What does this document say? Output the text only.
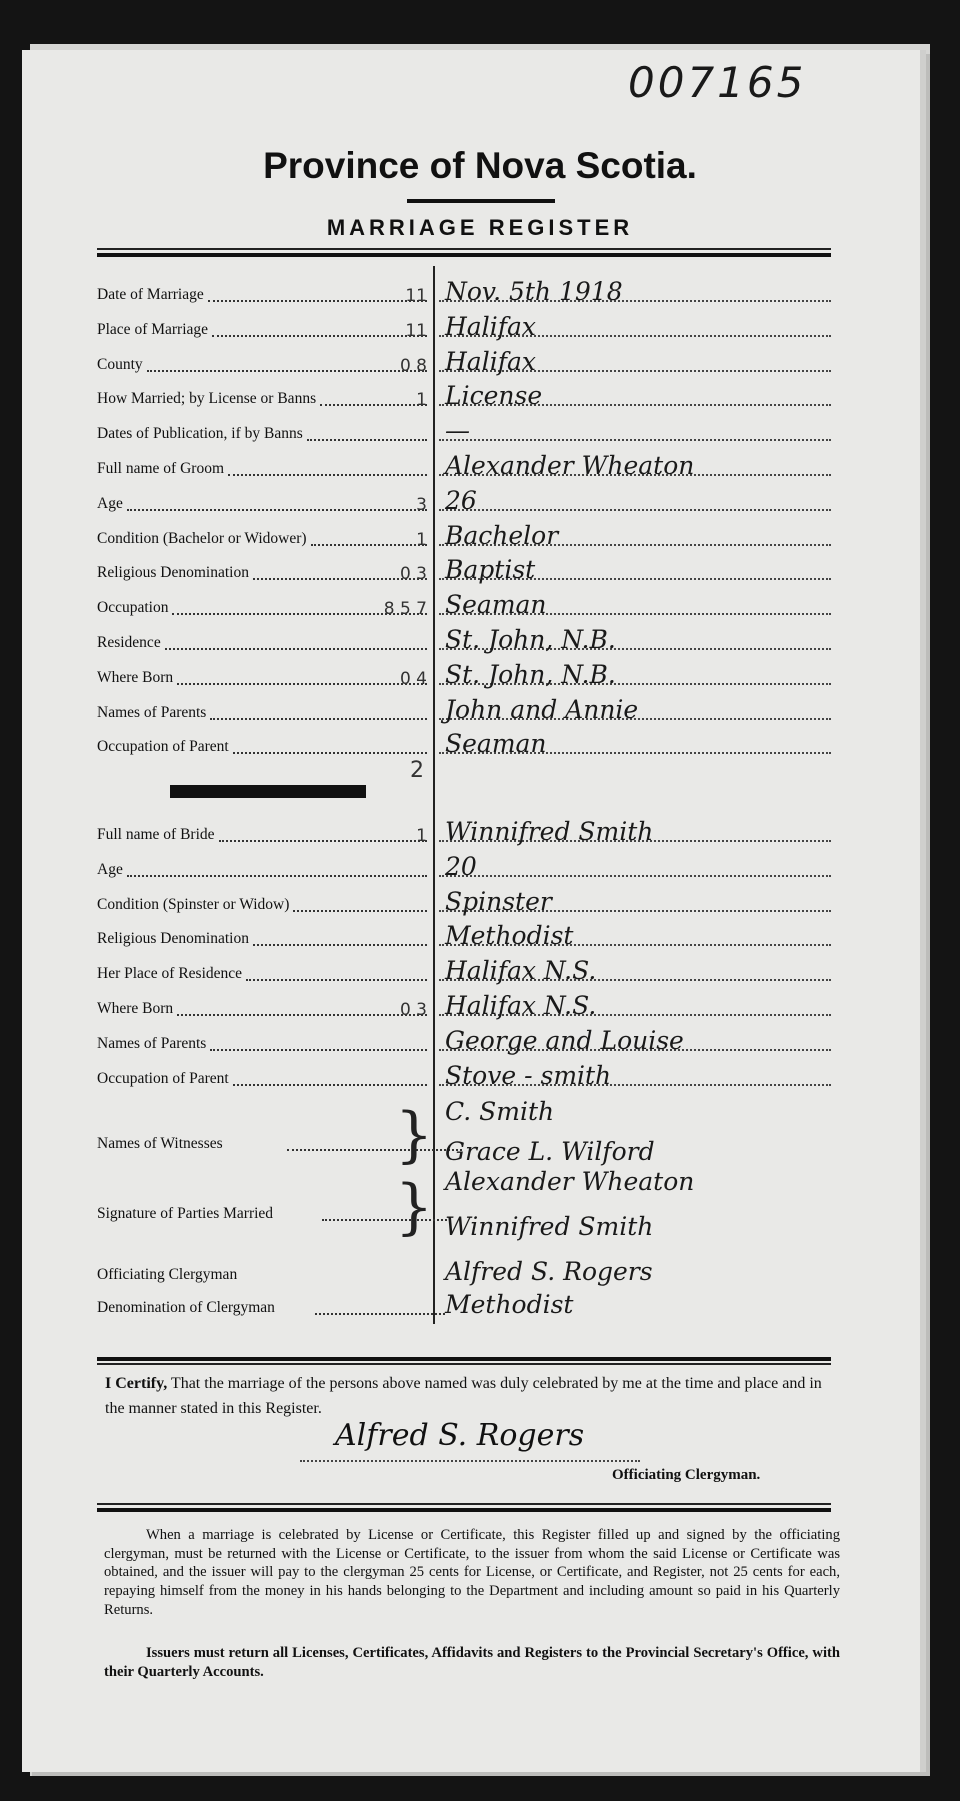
007165
Province of Nova Scotia.
MARRIAGE REGISTER
Date of Marriage	11 Nov. 5th 1918
Place of Marriage	11 Halifax
County	0 8 Halifax
How Married; by License or Banns	1 License
Dates of Publication, if by Banns	—
Full name of Groom	Alexander Wheaton
Age	3 26
Condition (Bachelor or Widower)	1 Bachelor
Religious Denomination	0 3 Baptist
Occupation	8 5 7 Seaman
Residence	St. John, N.B.
Where Born	0 4 St. John, N.B.
Names of Parents	John and Annie
Occupation of Parent	Seaman
2
Full name of Bride	1 Winnifred Smith
Age	20
Condition (Spinster or Widow)	Spinster
Religious Denomination	Methodist
Her Place of Residence	Halifax N.S.
Where Born	0 3 Halifax N.S.
Names of Parents	George and Louise
Occupation of Parent	Stove - smith
Names of Witnesses	} C. Smith
Grace L. Wilford
Signature of Parties Married } Alexander Wheaton
Winnifred Smith
Officiating Clergyman	Alfred S. Rogers
Denomination of Clergyman	Methodist
I Certify, That the marriage of the persons above named was duly celebrated by me at the time and place and in the manner stated in this Register.
Alfred S. Rogers
Officiating Clergyman.
When a marriage is celebrated by License or Certificate, this Register filled up and signed by the officiating clergyman, must be returned with the License or Certificate, to the issuer from whom the said License or Certificate was obtained, and the issuer will pay to the clergyman 25 cents for License, or Certificate, and Register, not 25 cents for each, repaying himself from the money in his hands belonging to the Department and including amount so paid in his Quarterly Returns.
Issuers must return all Licenses, Certificates, Affidavits and Registers to the Provincial Secretary's Office, with their Quarterly Accounts.
